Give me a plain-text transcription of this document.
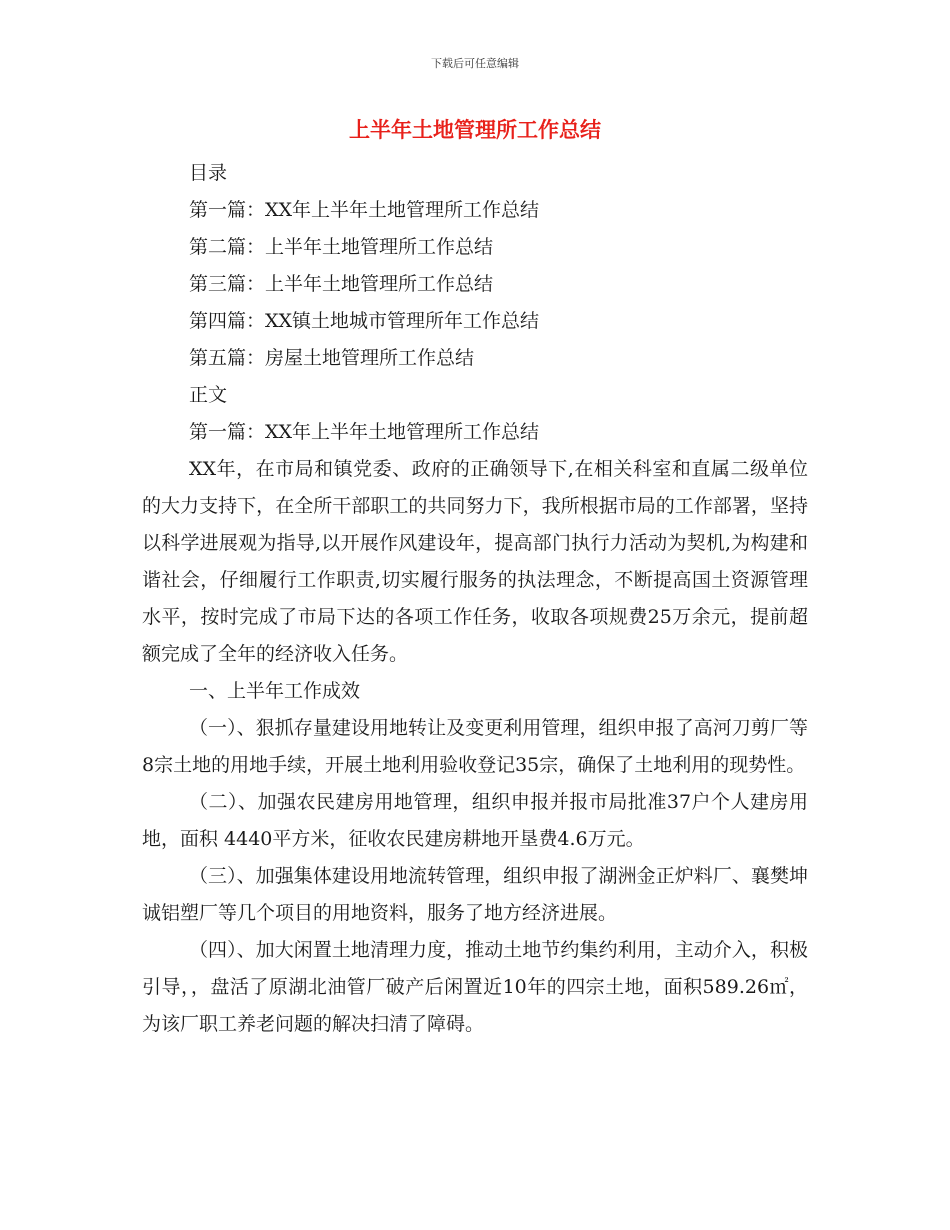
下载后可任意编辑
上半年土地管理所工作总结

目录

第一篇：XX年上半年土地管理所工作总结

第二篇：上半年土地管理所工作总结

第三篇：上半年土地管理所工作总结

第四篇：XX镇土地城市管理所年工作总结

第五篇：房屋土地管理所工作总结

正文

第一篇：XX年上半年土地管理所工作总结

XX年，在市局和镇党委、政府的正确领导下,在相关科室和直属二级单位的大力支持下，在全所干部职工的共同努力下，我所根据市局的工作部署，坚持以科学进展观为指导,以开展作风建设年，提高部门执行力活动为契机,为构建和谐社会，仔细履行工作职责,切实履行服务的执法理念，不断提高国土资源管理水平，按时完成了市局下达的各项工作任务，收取各项规费25万余元，提前超额完成了全年的经济收入任务。

一、上半年工作成效

（一）、狠抓存量建设用地转让及变更利用管理，组织申报了高河刀剪厂等8宗土地的用地手续，开展土地利用验收登记35宗，确保了土地利用的现势性。

（二）、加强农民建房用地管理，组织申报并报市局批准37户个人建房用地，面积 4440平方米，征收农民建房耕地开垦费4.6万元。

（三）、加强集体建设用地流转管理，组织申报了湖洲金正炉料厂、襄樊坤诚铝塑厂等几个项目的用地资料，服务了地方经济进展。

（四）、加大闲置土地清理力度，推动土地节约集约利用，主动介入，积极引导，，盘活了原湖北油管厂破产后闲置近10年的四宗土地，面积589.26㎡，为该厂职工养老问题的解决扫清了障碍。
